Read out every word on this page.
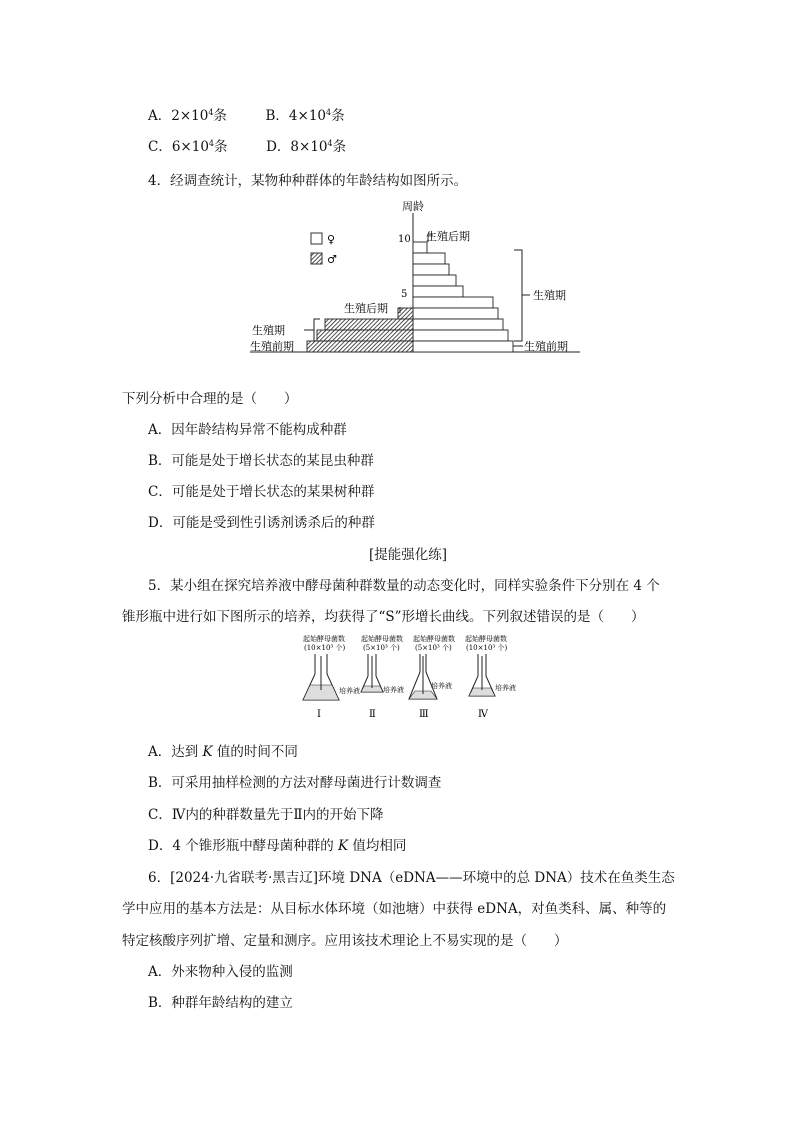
A．$2\times 10^4$条	B．$4\times 10^4$条
C．$6\times 10^4$条	D．$8\times 10^4$条
4．经调查统计，某物种种群体的年龄结构如图所示。
周龄
10
5
♀
♂
生殖后期
生殖期
生殖前期
生殖后期
生殖期
生殖前期
下列分析中合理的是（　　）
A．因年龄结构异常不能构成种群
B．可能是处于增长状态的某昆虫种群
C．可能是处于增长状态的某果树种群
D．可能是受到性引诱剂诱杀后的种群
[提能强化练]
5．某小组在探究培养液中酵母菌种群数量的动态变化时，同样实验条件下分别在 4 个
锥形瓶中进行如下图所示的培养，均获得了“S”形增长曲线。下列叙述错误的是（　　）
起始酵母菌数
(10×10³ 个)
培养液
Ⅰ
起始酵母菌数
(5×10³ 个)
培养液
Ⅱ
起始酵母菌数
(5×10³ 个)
培养液
Ⅲ
起始酵母菌数
(10×10³ 个)
培养液
Ⅳ
A．达到 K 值的时间不同
B．可采用抽样检测的方法对酵母菌进行计数调查
C．Ⅳ内的种群数量先于Ⅱ内的开始下降
D．4 个锥形瓶中酵母菌种群的 K 值均相同
6．[2024·九省联考·黑吉辽]环境 DNA（eDNA——环境中的总 DNA）技术在鱼类生态
学中应用的基本方法是：从目标水体环境（如池塘）中获得 eDNA，对鱼类科、属、种等的
特定核酸序列扩增、定量和测序。应用该技术理论上不易实现的是（　　）
A．外来物种入侵的监测
B．种群年龄结构的建立
